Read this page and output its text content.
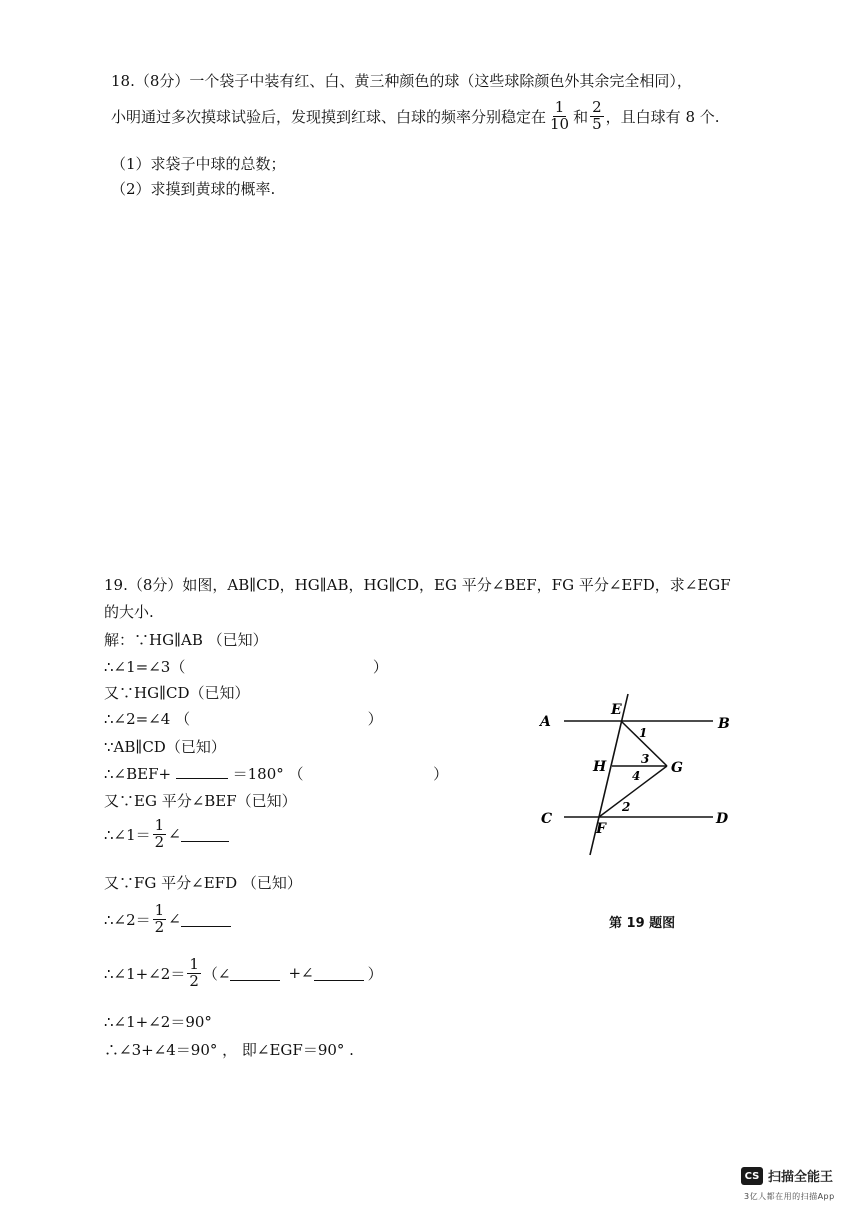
18.（8分）一个袋子中装有红、白、黄三种颜色的球（这些球除颜色外其余完全相同），
小明通过多次摸球试验后，发现摸到红球、白球的频率分别稳定在 $\frac{1}{10}$ 和 $\frac{2}{5}$ ，且白球有 8 个.
（1）求袋子中球的总数；
（2）求摸到黄球的概率.
19.（8分）如图，AB∥CD，HG∥AB，HG∥CD，EG 平分∠BEF，FG 平分∠EFD，求∠EGF
的大小.
解：∵HG∥AB （已知）
∴∠1=∠3（	）
又∵HG∥CD（已知）
∴∠2=∠4 （	）
∵AB∥CD（已知）
∴∠BEF+	＝180° （	）
又∵EG 平分∠BEF（已知）
∴∠1＝ $\frac{1}{2}$ ∠
又∵FG 平分∠EFD （已知）
∴∠2＝ $\frac{1}{2}$ ∠
∴∠1+∠2＝ $\frac{1}{2}$ （∠	+∠	）
∴∠1+∠2＝90°
∴∠3+∠4＝90° ， 即∠EGF＝90° .
A	B
C	D
E
F
G
H
1
2
3
4
第 19 题图
CS 扫描全能王
3亿人都在用的扫描App
